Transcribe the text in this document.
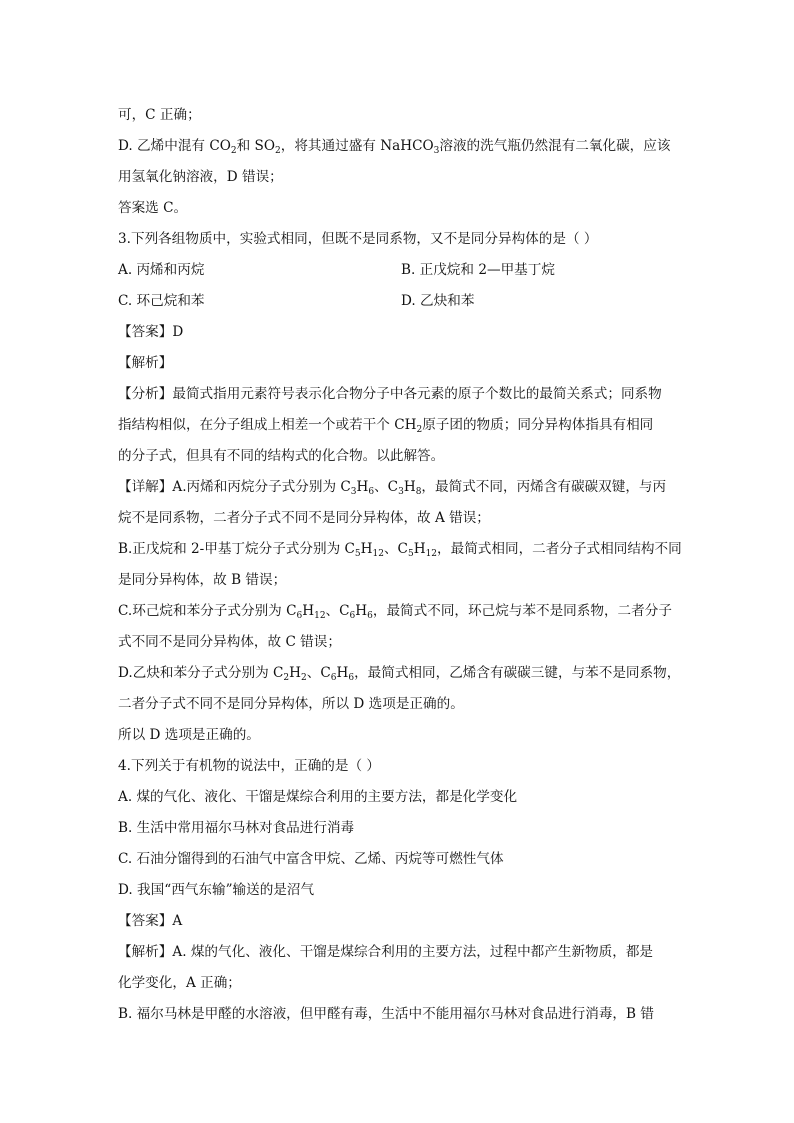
可，C 正确；

D. 乙烯中混有 $CO_2$和 $SO_2$，将其通过盛有 NaHCO$_3$溶液的洗气瓶仍然混有二氧化碳，应该

用氢氧化钠溶液，D 错误；

答案选 C。

3.下列各组物质中，实验式相同，但既不是同系物，又不是同分异构体的是（ ）

A. 丙烯和丙烷	B. 正戊烷和 2—甲基丁烷
C. 环己烷和苯	D. 乙炔和苯

【答案】D

【解析】

【分析】最简式指用元素符号表示化合物分子中各元素的原子个数比的最简关系式；同系物

指结构相似，在分子组成上相差一个或若干个 $CH_2$原子团的物质；同分异构体指具有相同

的分子式，但具有不同的结构式的化合物。以此解答。

【详解】A.丙烯和丙烷分子式分别为 $C_3H_6$、$C_3H_8$，最简式不同，丙烯含有碳碳双键，与丙

烷不是同系物，二者分子式不同不是同分异构体，故 A 错误；

B.正戊烷和 2-甲基丁烷分子式分别为 $C_5H_{12}$、$C_5H_{12}$，最简式相同，二者分子式相同结构不同

是同分异构体，故 B 错误；

C.环己烷和苯分子式分别为 $C_6H_{12}$、$C_6H_6$，最简式不同，环己烷与苯不是同系物，二者分子

式不同不是同分异构体，故 C 错误；

D.乙炔和苯分子式分别为 $C_2H_2$、$C_6H_6$，最简式相同，乙烯含有碳碳三键，与苯不是同系物，

二者分子式不同不是同分异构体，所以 D 选项是正确的。

所以 D 选项是正确的。

4.下列关于有机物的说法中，正确的是（ ）

A. 煤的气化、液化、干馏是煤综合利用的主要方法，都是化学变化

B. 生活中常用福尔马林对食品进行消毒

C. 石油分馏得到的石油气中富含甲烷、乙烯、丙烷等可燃性气体

D. 我国“西气东输”输送的是沼气

【答案】A

【解析】A. 煤的气化、液化、干馏是煤综合利用的主要方法，过程中都产生新物质，都是

化学变化，A 正确；

B. 福尔马林是甲醛的水溶液，但甲醛有毒，生活中不能用福尔马林对食品进行消毒，B 错
